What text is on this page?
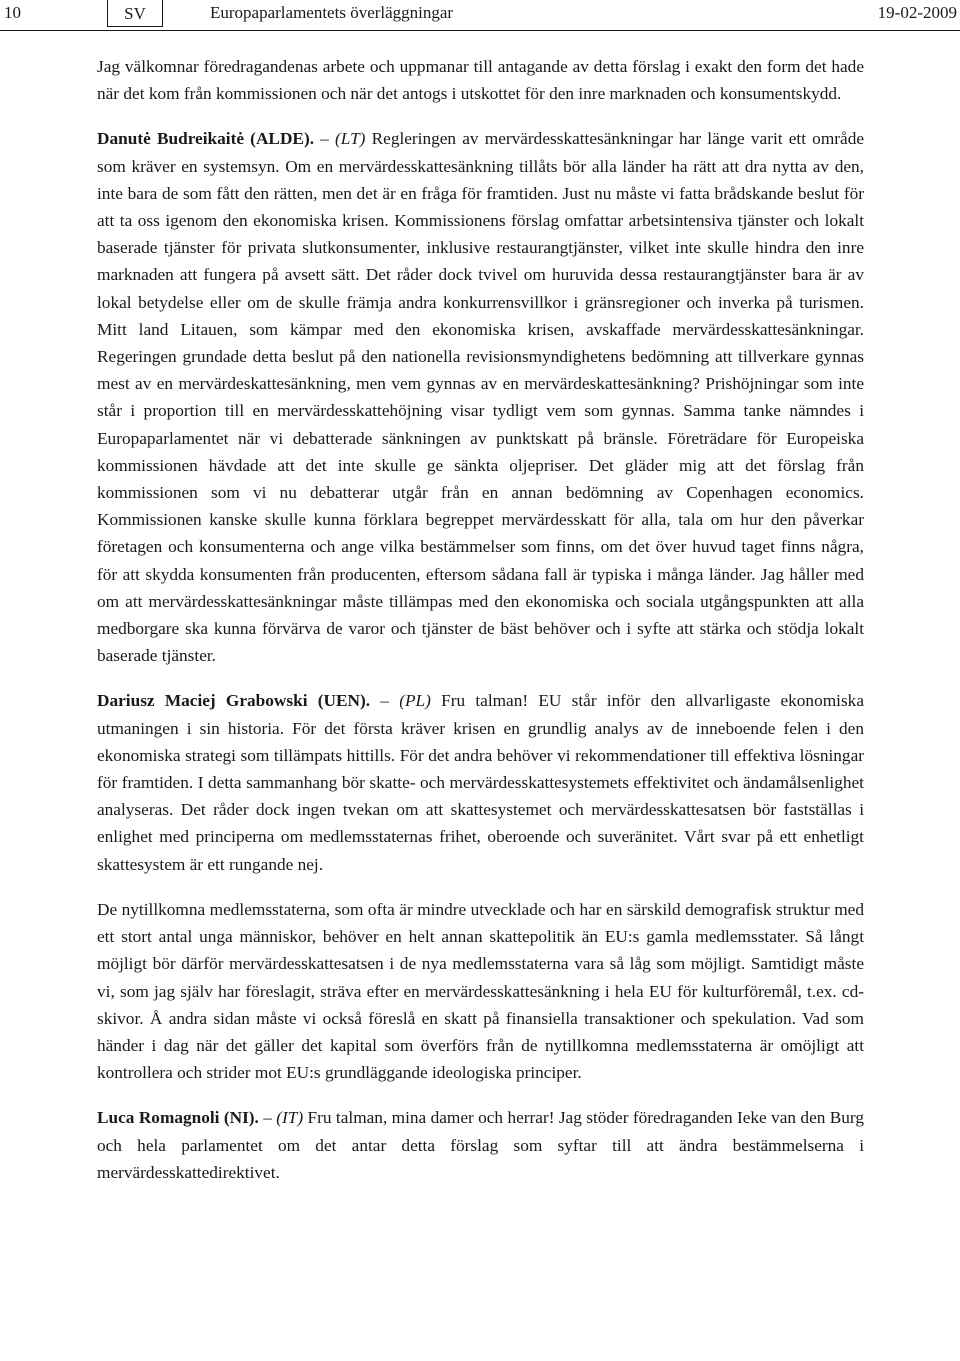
10	SV	Europaparlamentets överläggningar	19-02-2009

Jag välkomnar föredragandenas arbete och uppmanar till antagande av detta förslag i exakt den form det hade när det kom från kommissionen och när det antogs i utskottet för den inre marknaden och konsumentskydd.

Danutė Budreikaitė (ALDE). – (LT) Regleringen av mervärdesskattesänkningar har länge varit ett område som kräver en systemsyn. Om en mervärdesskattesänkning tillåts bör alla länder ha rätt att dra nytta av den, inte bara de som fått den rätten, men det är en fråga för framtiden. Just nu måste vi fatta brådskande beslut för att ta oss igenom den ekonomiska krisen. Kommissionens förslag omfattar arbetsintensiva tjänster och lokalt baserade tjänster för privata slutkonsumenter, inklusive restaurangtjänster, vilket inte skulle hindra den inre marknaden att fungera på avsett sätt. Det råder dock tvivel om huruvida dessa restaurangtjänster bara är av lokal betydelse eller om de skulle främja andra konkurrensvillkor i gränsregioner och inverka på turismen. Mitt land Litauen, som kämpar med den ekonomiska krisen, avskaffade mervärdesskattesänkningar. Regeringen grundade detta beslut på den nationella revisionsmyndighetens bedömning att tillverkare gynnas mest av en mervärdeskattesänkning, men vem gynnas av en mervärdeskattesänkning? Prishöjningar som inte står i proportion till en mervärdesskattehöjning visar tydligt vem som gynnas. Samma tanke nämndes i Europaparlamentet när vi debatterade sänkningen av punktskatt på bränsle. Företrädare för Europeiska kommissionen hävdade att det inte skulle ge sänkta oljepriser. Det gläder mig att det förslag från kommissionen som vi nu debatterar utgår från en annan bedömning av Copenhagen economics. Kommissionen kanske skulle kunna förklara begreppet mervärdesskatt för alla, tala om hur den påverkar företagen och konsumenterna och ange vilka bestämmelser som finns, om det över huvud taget finns några, för att skydda konsumenten från producenten, eftersom sådana fall är typiska i många länder. Jag håller med om att mervärdesskattesänkningar måste tillämpas med den ekonomiska och sociala utgångspunkten att alla medborgare ska kunna förvärva de varor och tjänster de bäst behöver och i syfte att stärka och stödja lokalt baserade tjänster.

Dariusz Maciej Grabowski (UEN). – (PL) Fru talman! EU står inför den allvarligaste ekonomiska utmaningen i sin historia. För det första kräver krisen en grundlig analys av de inneboende felen i den ekonomiska strategi som tillämpats hittills. För det andra behöver vi rekommendationer till effektiva lösningar för framtiden. I detta sammanhang bör skatte- och mervärdesskattesystemets effektivitet och ändamålsenlighet analyseras. Det råder dock ingen tvekan om att skattesystemet och mervärdesskattesatsen bör fastställas i enlighet med principerna om medlemsstaternas frihet, oberoende och suveränitet. Vårt svar på ett enhetligt skattesystem är ett rungande nej.

De nytillkomna medlemsstaterna, som ofta är mindre utvecklade och har en särskild demografisk struktur med ett stort antal unga människor, behöver en helt annan skattepolitik än EU:s gamla medlemsstater. Så långt möjligt bör därför mervärdesskattesatsen i de nya medlemsstaterna vara så låg som möjligt. Samtidigt måste vi, som jag själv har föreslagit, sträva efter en mervärdesskattesänkning i hela EU för kulturföremål, t.ex. cd-skivor. Å andra sidan måste vi också föreslå en skatt på finansiella transaktioner och spekulation. Vad som händer i dag när det gäller det kapital som överförs från de nytillkomna medlemsstaterna är omöjligt att kontrollera och strider mot EU:s grundläggande ideologiska principer.

Luca Romagnoli (NI). – (IT) Fru talman, mina damer och herrar! Jag stöder föredraganden Ieke van den Burg och hela parlamentet om det antar detta förslag som syftar till att ändra bestämmelserna i mervärdesskattedirektivet.
